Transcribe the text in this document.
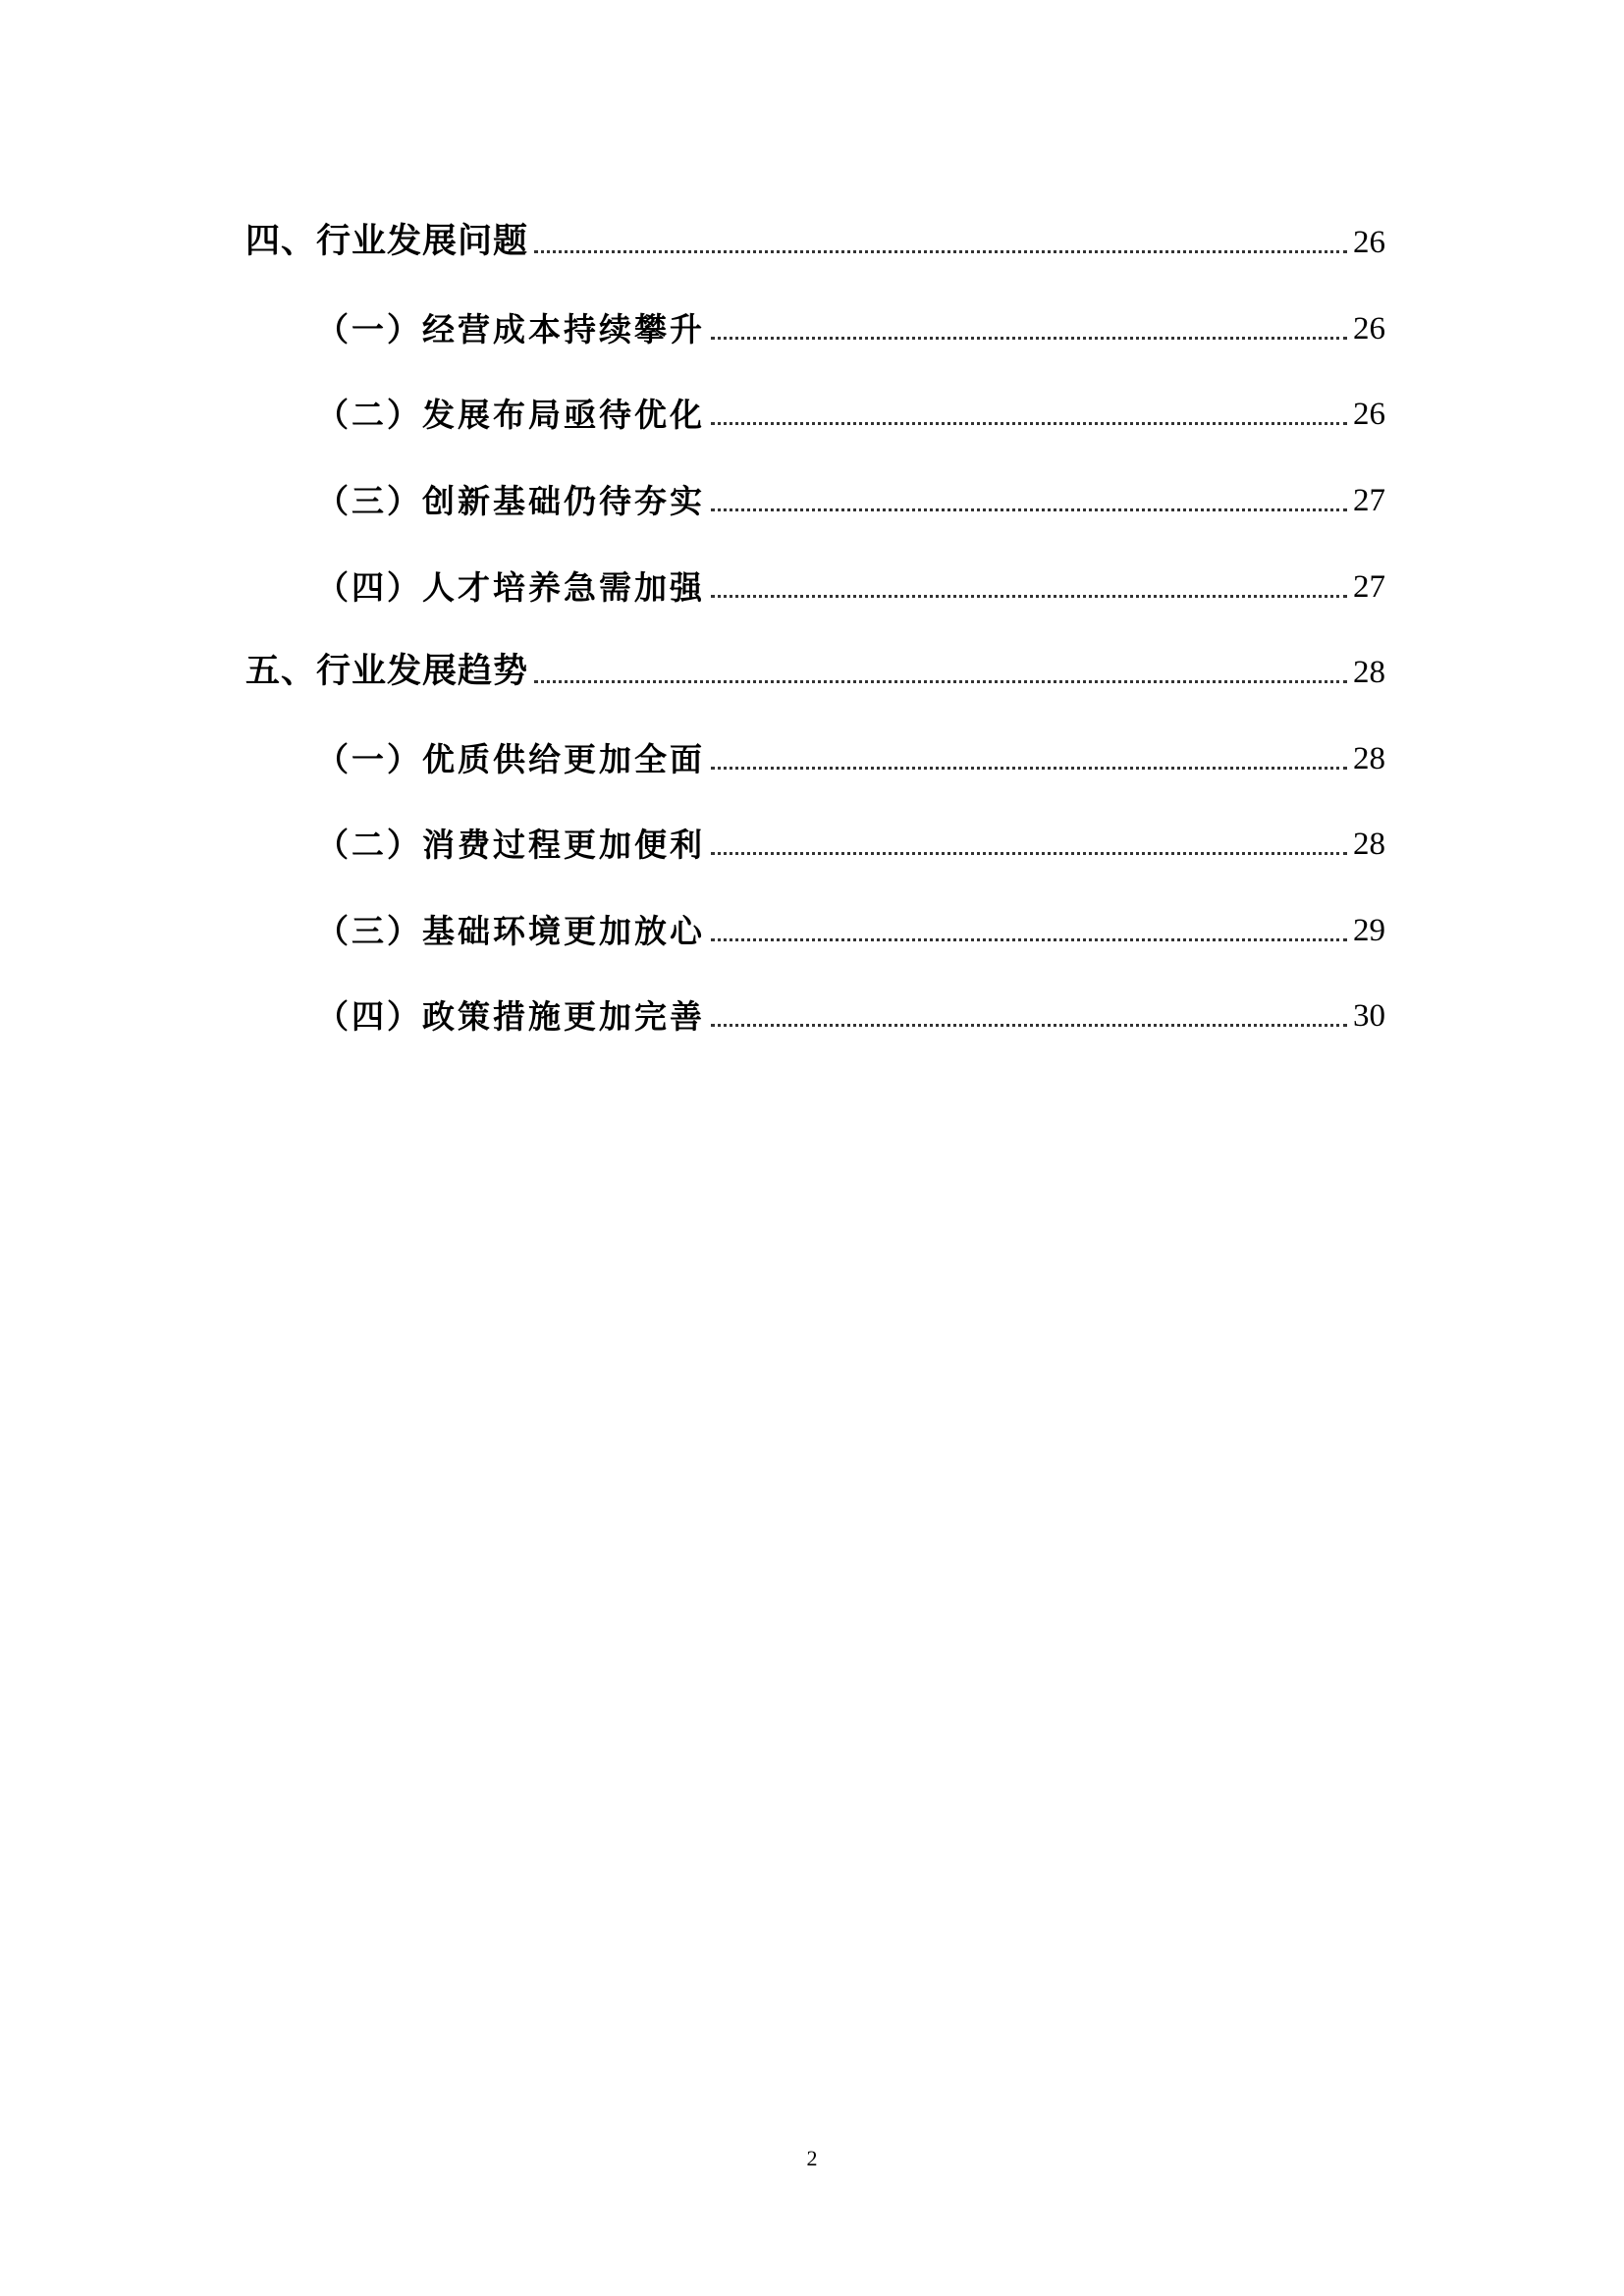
四、行业发展问题	26
（一）经营成本持续攀升	26
（二）发展布局亟待优化	26
（三）创新基础仍待夯实	27
（四）人才培养急需加强	27
五、行业发展趋势	28
（一）优质供给更加全面	28
（二）消费过程更加便利	28
（三）基础环境更加放心	29
（四）政策措施更加完善	30
2
